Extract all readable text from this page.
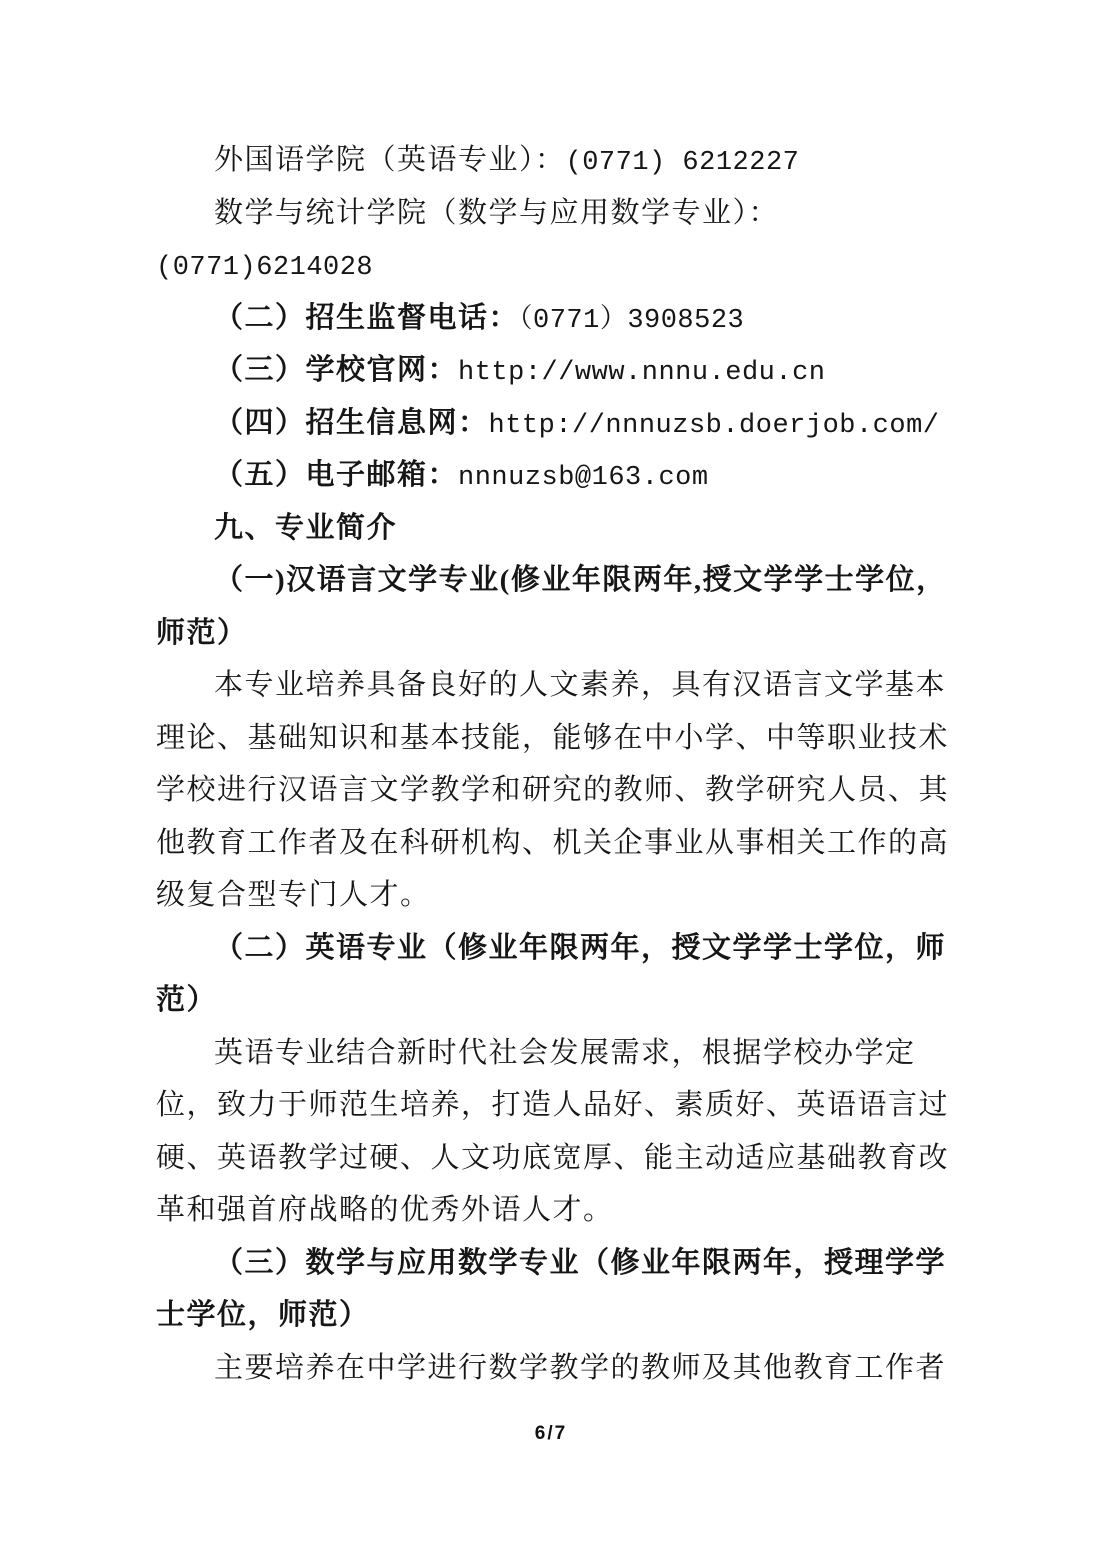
外国语学院（英语专业）：(0771) 6212227
数学与统计学院（数学与应用数学专业）：
(0771)6214028
（二）招生监督电话：（0771）3908523
（三）学校官网：http://www.nnnu.edu.cn
（四）招生信息网：http://nnnuzsb.doerjob.com/
（五）电子邮箱：nnnuzsb@163.com
九、专业简介
（一)汉语言文学专业(修业年限两年,授文学学士学位，
师范）
本专业培养具备良好的人文素养，具有汉语言文学基本
理论、基础知识和基本技能，能够在中小学、中等职业技术
学校进行汉语言文学教学和研究的教师、教学研究人员、其
他教育工作者及在科研机构、机关企事业从事相关工作的高
级复合型专门人才。
（二）英语专业（修业年限两年，授文学学士学位，师
范）
英语专业结合新时代社会发展需求，根据学校办学定
位，致力于师范生培养，打造人品好、素质好、英语语言过
硬、英语教学过硬、人文功底宽厚、能主动适应基础教育改
革和强首府战略的优秀外语人才。
（三）数学与应用数学专业（修业年限两年，授理学学
士学位，师范）
主要培养在中学进行数学教学的教师及其他教育工作者
6/7
